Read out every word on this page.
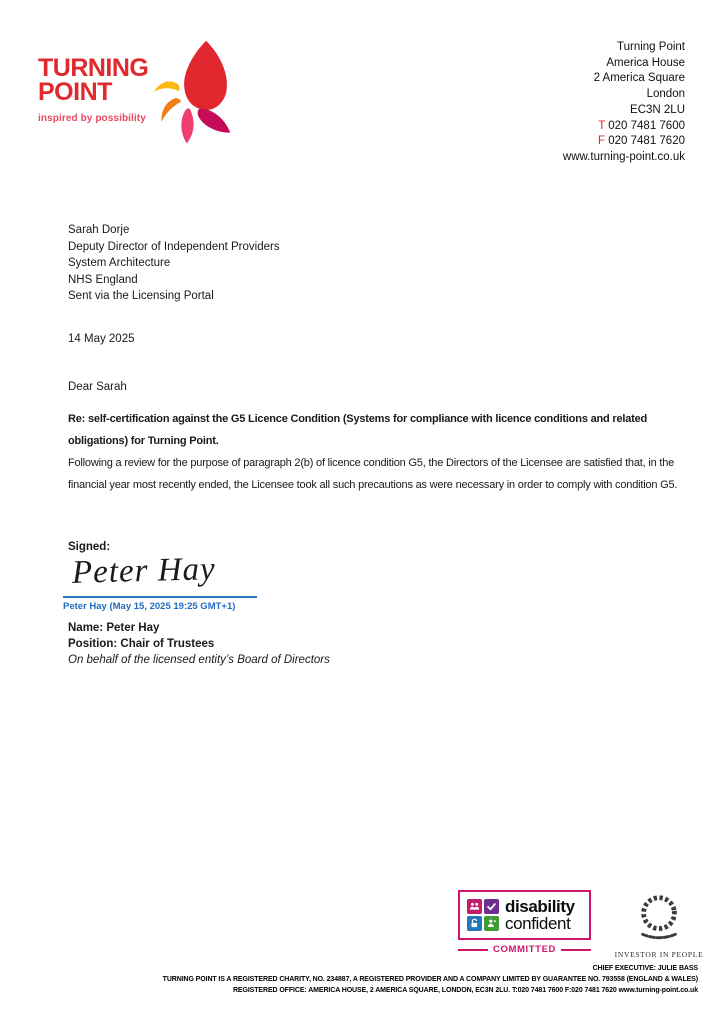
TURNING
POINT
inspired by possibility
Turning Point
America House
2 America Square
London
EC3N 2LU
T 020 7481 7600
F 020 7481 7620
www.turning-point.co.uk
Sarah Dorje
Deputy Director of Independent Providers
System Architecture
NHS England
Sent via the Licensing Portal
14 May 2025
Dear Sarah
Re: self-certification against the G5 Licence Condition (Systems for compliance with licence conditions and related obligations) for Turning Point.
Following a review for the purpose of paragraph 2(b) of licence condition G5, the Directors of the Licensee are satisfied that, in the financial year most recently ended, the Licensee took all such precautions as were necessary in order to comply with condition G5.
Signed:
Peter Hay
Peter Hay (May 15, 2025 19:25 GMT+1)
Name: Peter Hay
Position: Chair of Trustees
On behalf of the licensed entity’s Board of Directors
disability
confident
COMMITTED	INVESTOR IN PEOPLE
CHIEF EXECUTIVE: JULIE BASS
TURNING POINT IS A REGISTERED CHARITY, NO. 234887, A REGISTERED PROVIDER AND A COMPANY LIMITED BY GUARANTEE NO. 793558 (ENGLAND & WALES)
REGISTERED OFFICE: AMERICA HOUSE, 2 AMERICA SQUARE, LONDON, EC3N 2LU. T:020 7481 7600 F:020 7481 7620 www.turning-point.co.uk
